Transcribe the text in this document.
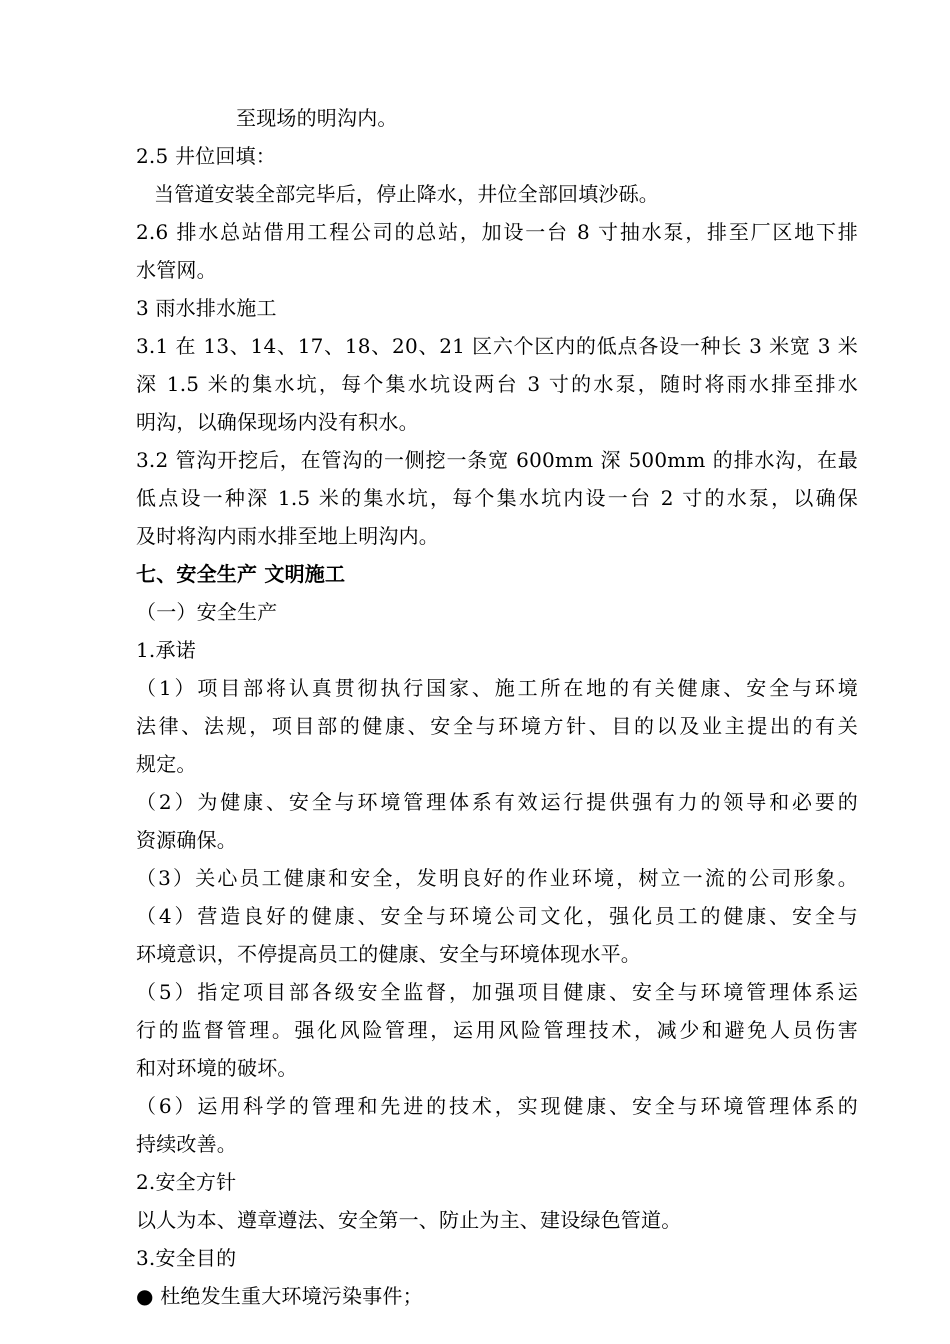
至现场的明沟内。
2.5 井位回填：
当管道安装全部完毕后，停止降水，井位全部回填沙砾。
2.6 排水总站借用工程公司的总站，加设一台 8 寸抽水泵，排至厂区地下排
水管网。
3 雨水排水施工
3.1 在 13、14、17、18、20、21 区六个区内的低点各设一种长 3 米宽 3 米
深 1.5 米的集水坑，每个集水坑设两台 3 寸的水泵，随时将雨水排至排水
明沟，以确保现场内没有积水。
3.2 管沟开挖后，在管沟的一侧挖一条宽 600mm 深 500mm 的排水沟，在最
低点设一种深 1.5 米的集水坑，每个集水坑内设一台 2 寸的水泵，以确保
及时将沟内雨水排至地上明沟内。
七、安全生产 文明施工
（一）安全生产
1.承诺
（1）项目部将认真贯彻执行国家、施工所在地的有关健康、安全与环境
法律、法规，项目部的健康、安全与环境方针、目的以及业主提出的有关
规定。
（2）为健康、安全与环境管理体系有效运行提供强有力的领导和必要的
资源确保。
（3）关心员工健康和安全，发明良好的作业环境，树立一流的公司形象。
（4）营造良好的健康、安全与环境公司文化，强化员工的健康、安全与
环境意识，不停提高员工的健康、安全与环境体现水平。
（5）指定项目部各级安全监督，加强项目健康、安全与环境管理体系运
行的监督管理。强化风险管理，运用风险管理技术，减少和避免人员伤害
和对环境的破坏。
（6）运用科学的管理和先进的技术，实现健康、安全与环境管理体系的
持续改善。
2.安全方针
以人为本、遵章遵法、安全第一、防止为主、建设绿色管道。
3.安全目的
● 杜绝发生重大环境污染事件；
